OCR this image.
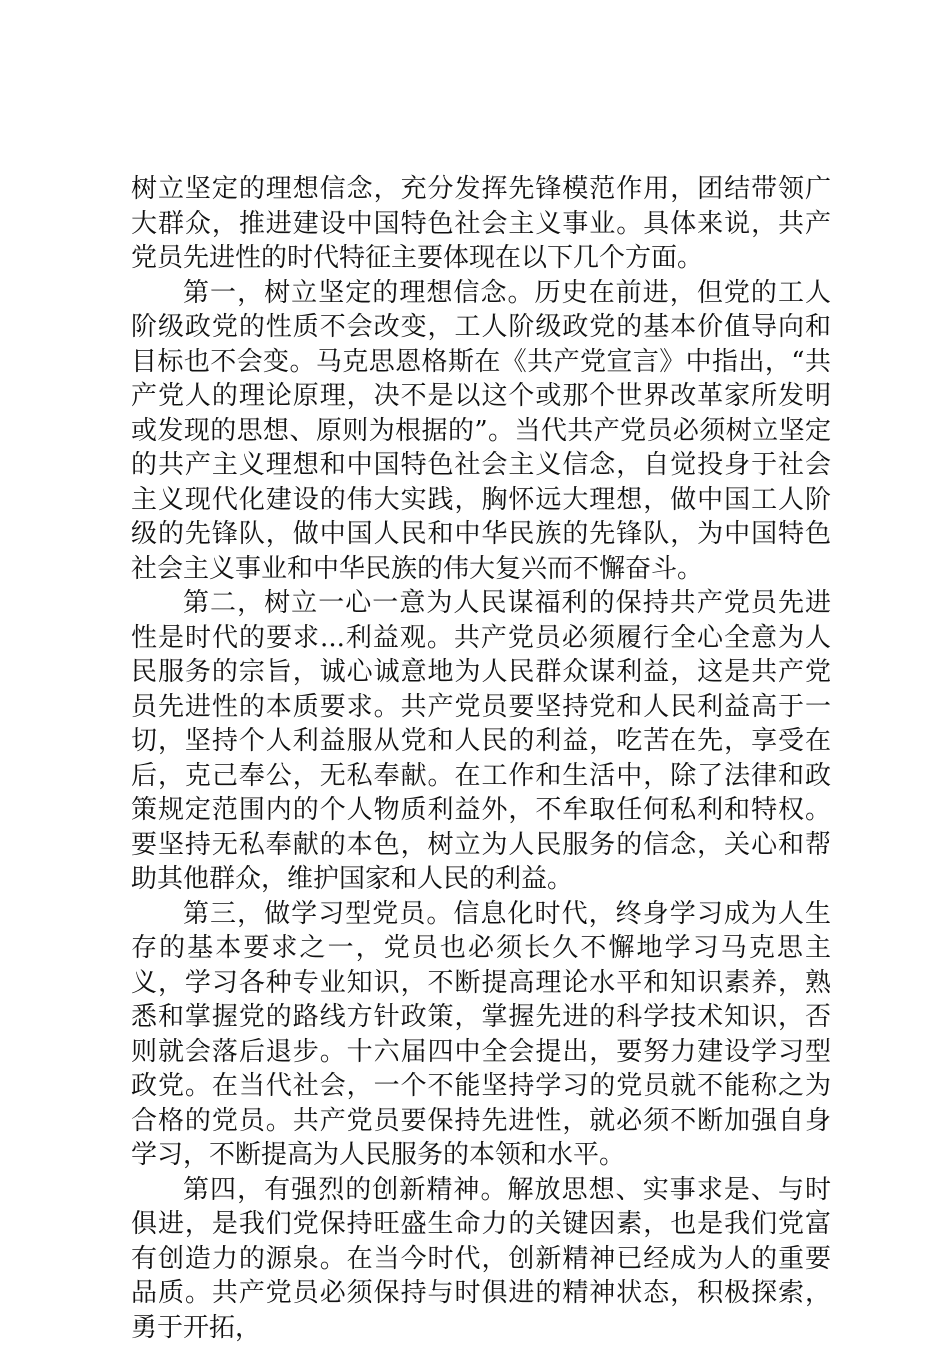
树立坚定的理想信念，充分发挥先锋模范作用，团结带领广大群众，推进建设中国特色社会主义事业。具体来说，共产党员先进性的时代特征主要体现在以下几个方面。

第一，树立坚定的理想信念。历史在前进，但党的工人阶级政党的性质不会改变，工人阶级政党的基本价值导向和目标也不会变。马克思恩格斯在《共产党宣言》中指出，“共产党人的理论原理，决不是以这个或那个世界改革家所发明或发现的思想、原则为根据的”。当代共产党员必须树立坚定的共产主义理想和中国特色社会主义信念，自觉投身于社会主义现代化建设的伟大实践，胸怀远大理想，做中国工人阶级的先锋队，做中国人民和中华民族的先锋队，为中国特色社会主义事业和中华民族的伟大复兴而不懈奋斗。

第二，树立一心一意为人民谋福利的保持共产党员先进性是时代的要求...利益观。共产党员必须履行全心全意为人民服务的宗旨，诚心诚意地为人民群众谋利益，这是共产党员先进性的本质要求。共产党员要坚持党和人民利益高于一切，坚持个人利益服从党和人民的利益，吃苦在先，享受在后，克己奉公，无私奉献。在工作和生活中，除了法律和政策规定范围内的个人物质利益外，不牟取任何私利和特权。要坚持无私奉献的本色，树立为人民服务的信念，关心和帮助其他群众，维护国家和人民的利益。

第三，做学习型党员。信息化时代，终身学习成为人生存的基本要求之一，党员也必须长久不懈地学习马克思主义，学习各种专业知识，不断提高理论水平和知识素养，熟悉和掌握党的路线方针政策，掌握先进的科学技术知识，否则就会落后退步。十六届四中全会提出，要努力建设学习型政党。在当代社会，一个不能坚持学习的党员就不能称之为合格的党员。共产党员要保持先进性，就必须不断加强自身学习，不断提高为人民服务的本领和水平。

第四，有强烈的创新精神。解放思想、实事求是、与时俱进，是我们党保持旺盛生命力的关键因素，也是我们党富有创造力的源泉。在当今时代，创新精神已经成为人的重要品质。共产党员必须保持与时俱进的精神状态，积极探索，勇于开拓，
